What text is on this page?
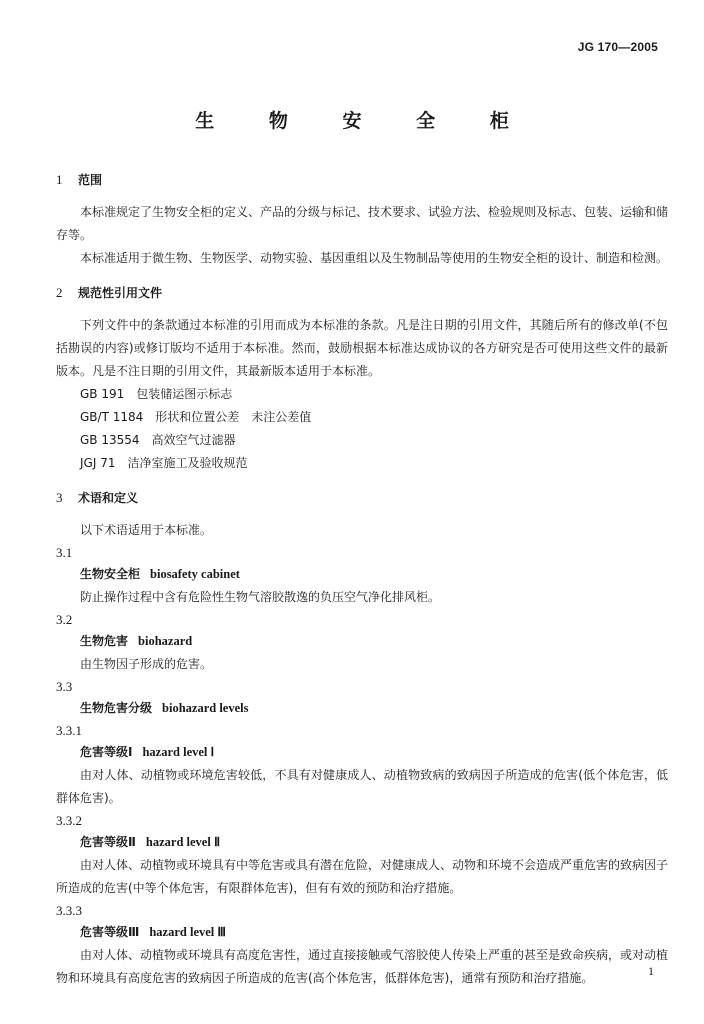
JG 170—2005
生 物 安 全 柜
1 范围

本标准规定了生物安全柜的定义、产品的分级与标记、技术要求、试验方法、检验规则及标志、包装、运输和储存等。

本标准适用于微生物、生物医学、动物实验、基因重组以及生物制品等使用的生物安全柜的设计、制造和检测。

2 规范性引用文件

下列文件中的条款通过本标准的引用而成为本标准的条款。凡是注日期的引用文件，其随后所有的修改单(不包括勘误的内容)或修订版均不适用于本标准。然而，鼓励根据本标准达成协议的各方研究是否可使用这些文件的最新版本。凡是不注日期的引用文件，其最新版本适用于本标准。

GB 191　包装储运图示标志

GB/T 1184　形状和位置公差　未注公差值

GB 13554　高效空气过滤器

JGJ 71　洁净室施工及验收规范

3 术语和定义

以下术语适用于本标准。

3.1

生物安全柜 biosafety cabinet

防止操作过程中含有危险性生物气溶胶散逸的负压空气净化排风柜。

3.2

生物危害 biohazard

由生物因子形成的危害。

3.3

生物危害分级 biohazard levels

3.3.1

危害等级Ⅰ hazard level Ⅰ

由对人体、动植物或环境危害较低，不具有对健康成人、动植物致病的致病因子所造成的危害(低个体危害，低群体危害)。

3.3.2

危害等级Ⅱ hazard level Ⅱ

由对人体、动植物或环境具有中等危害或具有潜在危险，对健康成人、动物和环境不会造成严重危害的致病因子所造成的危害(中等个体危害，有限群体危害)，但有有效的预防和治疗措施。

3.3.3

危害等级Ⅲ hazard level Ⅲ

由对人体、动植物或环境具有高度危害性，通过直接接触或气溶胶使人传染上严重的甚至是致命疾病，或对动植物和环境具有高度危害的致病因子所造成的危害(高个体危害，低群体危害)，通常有预防和治疗措施。	1
